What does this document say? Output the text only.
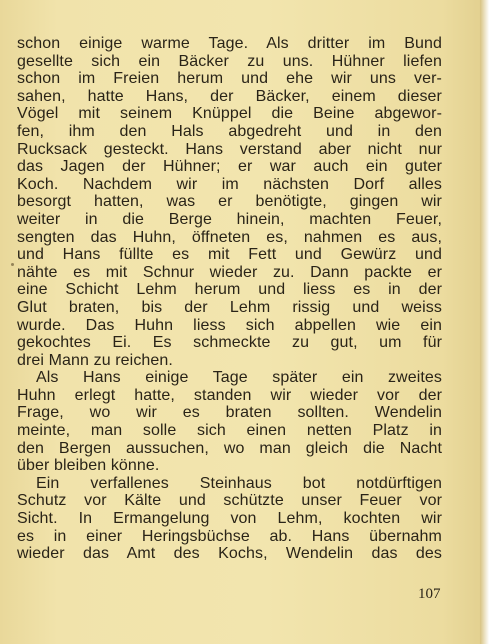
schon einige warme Tage. Als dritter im Bund
gesellte sich ein Bäcker zu uns. Hühner liefen
schon im Freien herum und ehe wir uns ver-
sahen, hatte Hans, der Bäcker, einem dieser
Vögel mit seinem Knüppel die Beine abgewor-
fen, ihm den Hals abgedreht und in den
Rucksack gesteckt. Hans verstand aber nicht nur
das Jagen der Hühner; er war auch ein guter
Koch. Nachdem wir im nächsten Dorf alles
besorgt hatten, was er benötigte, gingen wir
weiter in die Berge hinein, machten Feuer,
sengten das Huhn, öffneten es, nahmen es aus,
und Hans füllte es mit Fett und Gewürz und
nähte es mit Schnur wieder zu. Dann packte er
eine Schicht Lehm herum und liess es in der
Glut braten, bis der Lehm rissig und weiss
wurde. Das Huhn liess sich abpellen wie ein
gekochtes Ei. Es schmeckte zu gut, um für
drei Mann zu reichen.
Als Hans einige Tage später ein zweites
Huhn erlegt hatte, standen wir wieder vor der
Frage, wo wir es braten sollten. Wendelin
meinte, man solle sich einen netten Platz in
den Bergen aussuchen, wo man gleich die Nacht
über bleiben könne.
Ein verfallenes Steinhaus bot notdürftigen
Schutz vor Kälte und schützte unser Feuer vor
Sicht. In Ermangelung von Lehm, kochten wir
es in einer Heringsbüchse ab. Hans übernahm
wieder das Amt des Kochs, Wendelin das des
107
